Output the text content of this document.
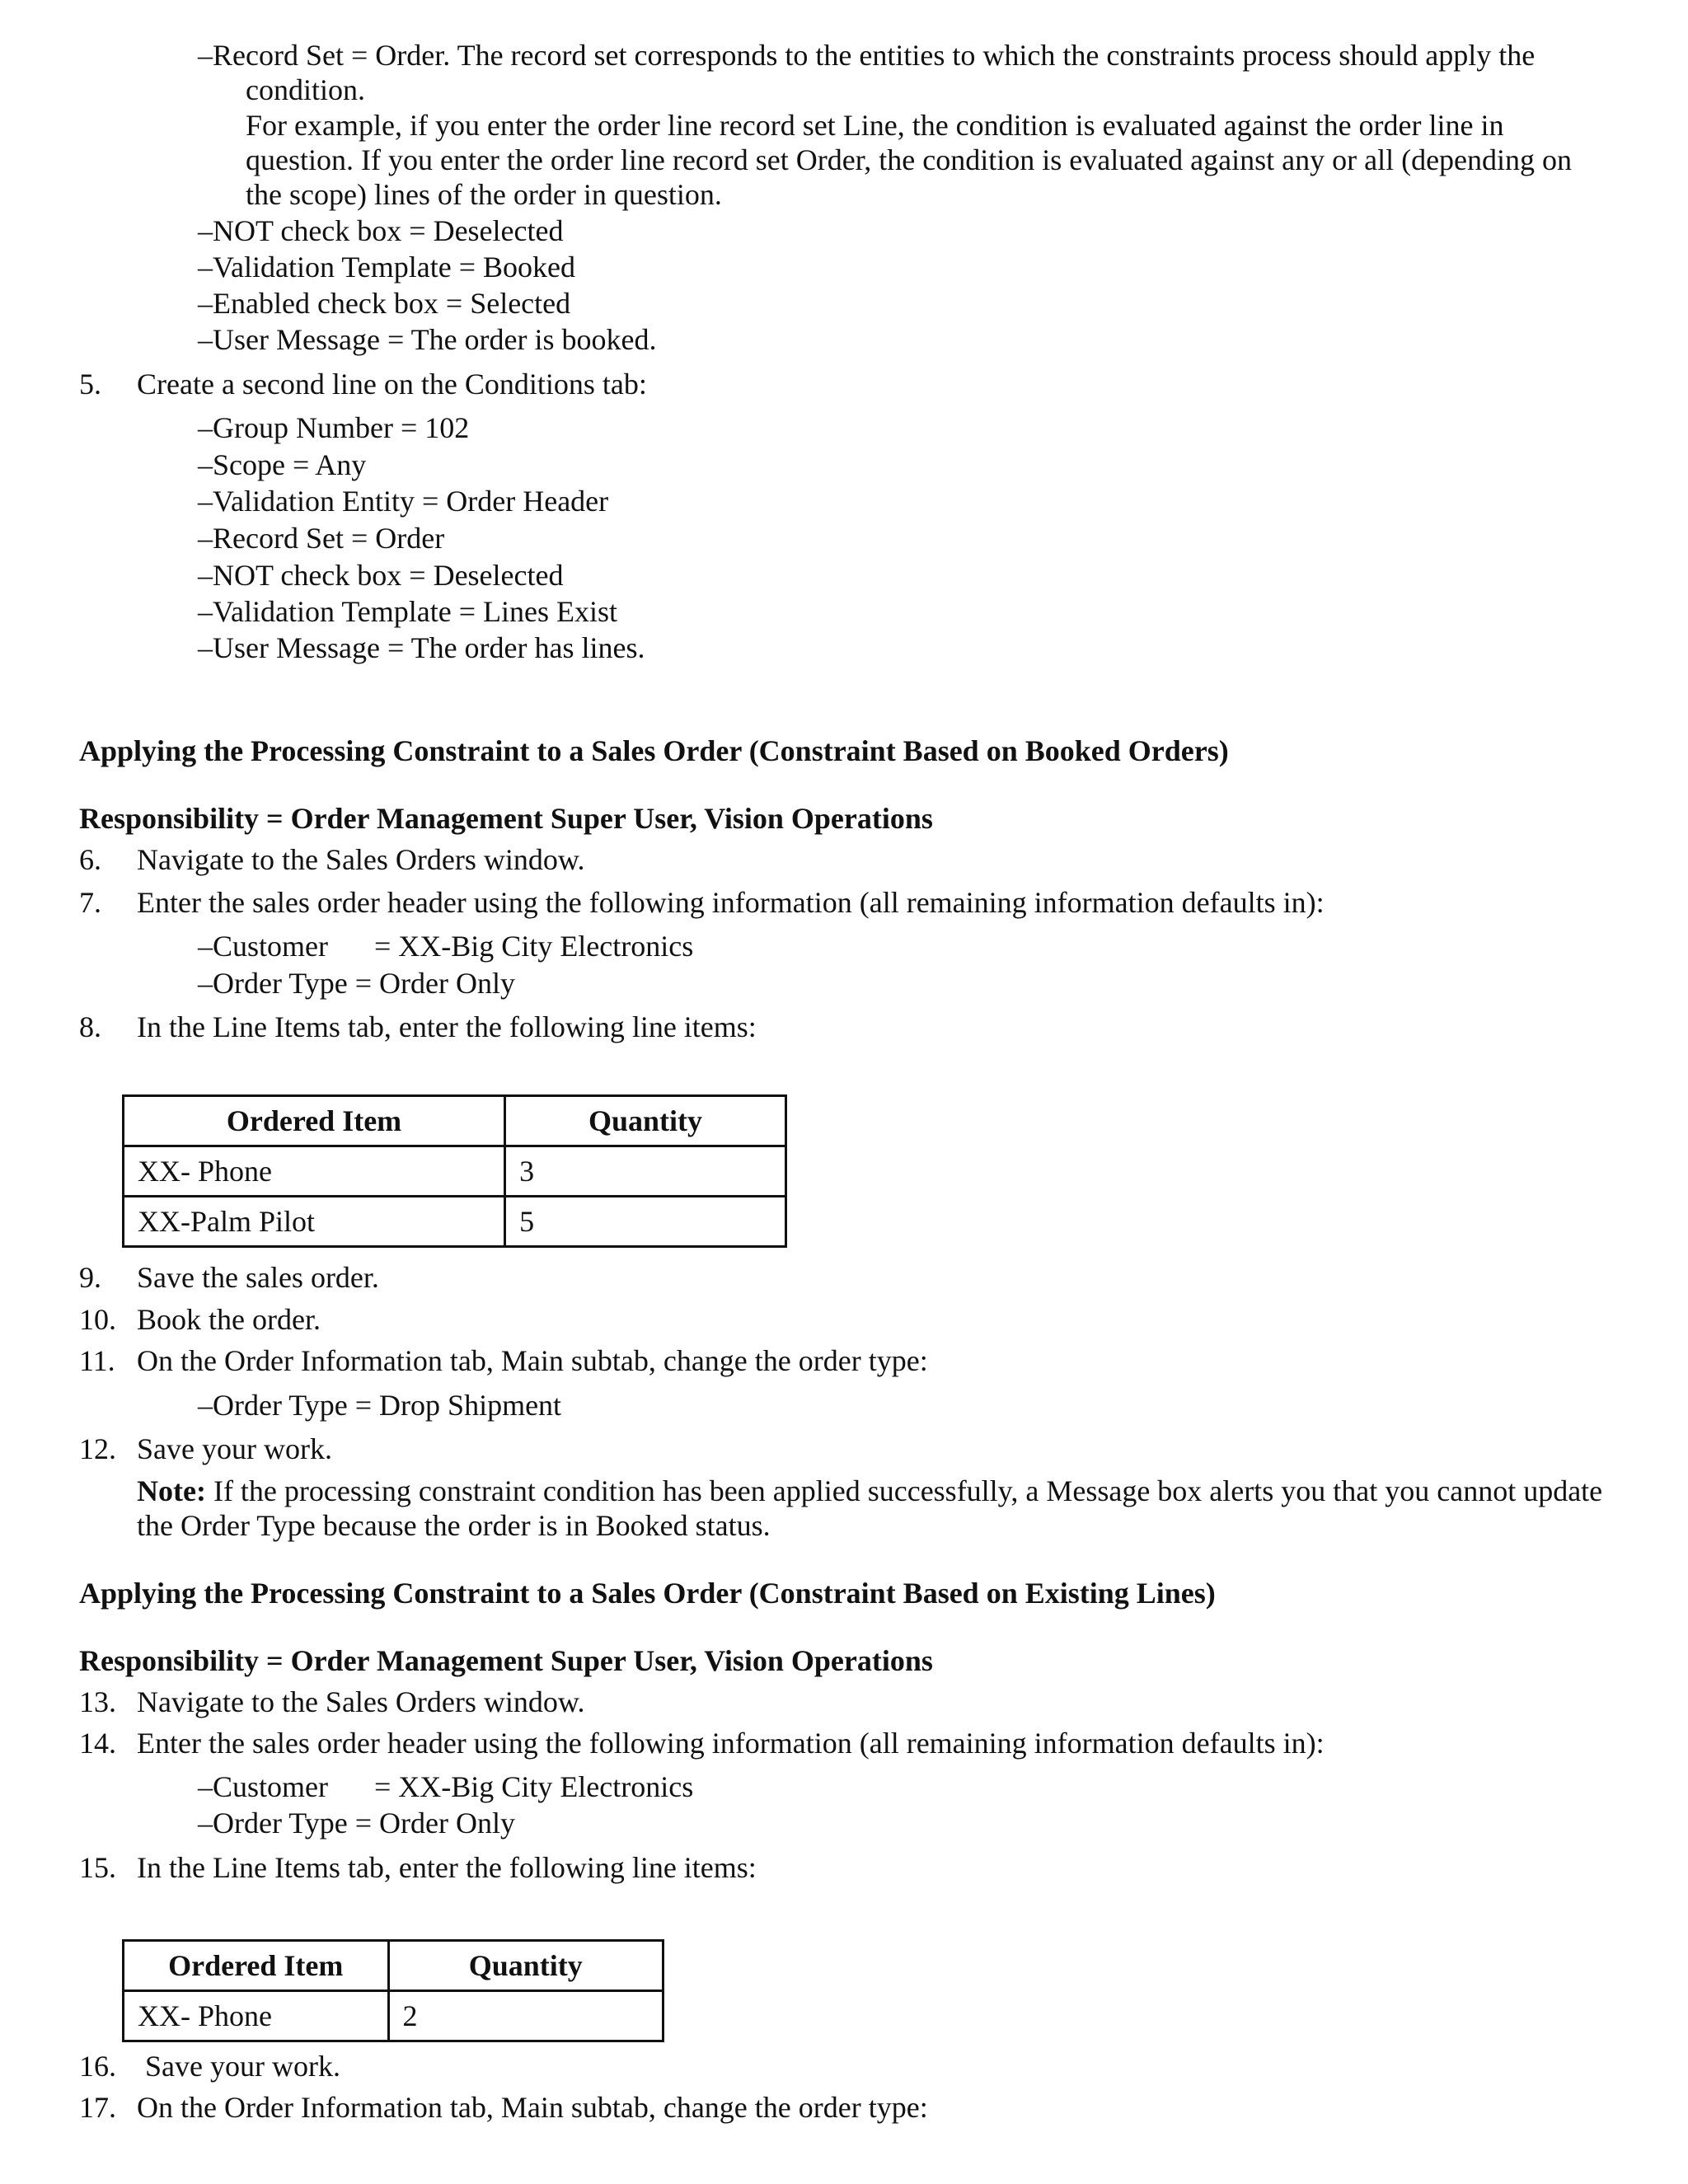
–Record Set = Order. The record set corresponds to the entities to which the constraints process should apply the
condition.
For example, if you enter the order line record set Line, the condition is evaluated against the order line in
question. If you enter the order line record set Order, the condition is evaluated against any or all (depending on
the scope) lines of the order in question.
–NOT check box = Deselected
–Validation Template = Booked
–Enabled check box = Selected
–User Message = The order is booked.
5. Create a second line on the Conditions tab:
–Group Number = 102
–Scope = Any
–Validation Entity = Order Header
–Record Set = Order
–NOT check box = Deselected
–Validation Template = Lines Exist
–User Message = The order has lines.
Applying the Processing Constraint to a Sales Order (Constraint Based on Booked Orders)
Responsibility = Order Management Super User, Vision Operations
6. Navigate to the Sales Orders window.
7. Enter the sales order header using the following information (all remaining information defaults in):
–Customer = XX-Big City Electronics
–Order Type = Order Only
8. In the Line Items tab, enter the following line items:
Ordered Item	Quantity
XX- Phone	3
XX-Palm Pilot	5
9. Save the sales order.
10. Book the order.
11. On the Order Information tab, Main subtab, change the order type:
–Order Type = Drop Shipment
12. Save your work.
Note: If the processing constraint condition has been applied successfully, a Message box alerts you that you cannot update
the Order Type because the order is in Booked status.
Applying the Processing Constraint to a Sales Order (Constraint Based on Existing Lines)
Responsibility = Order Management Super User, Vision Operations
13. Navigate to the Sales Orders window.
14. Enter the sales order header using the following information (all remaining information defaults in):
–Customer = XX-Big City Electronics
–Order Type = Order Only
15. In the Line Items tab, enter the following line items:
Ordered Item	Quantity
XX- Phone	2
16. Save your work.
17. On the Order Information tab, Main subtab, change the order type:
